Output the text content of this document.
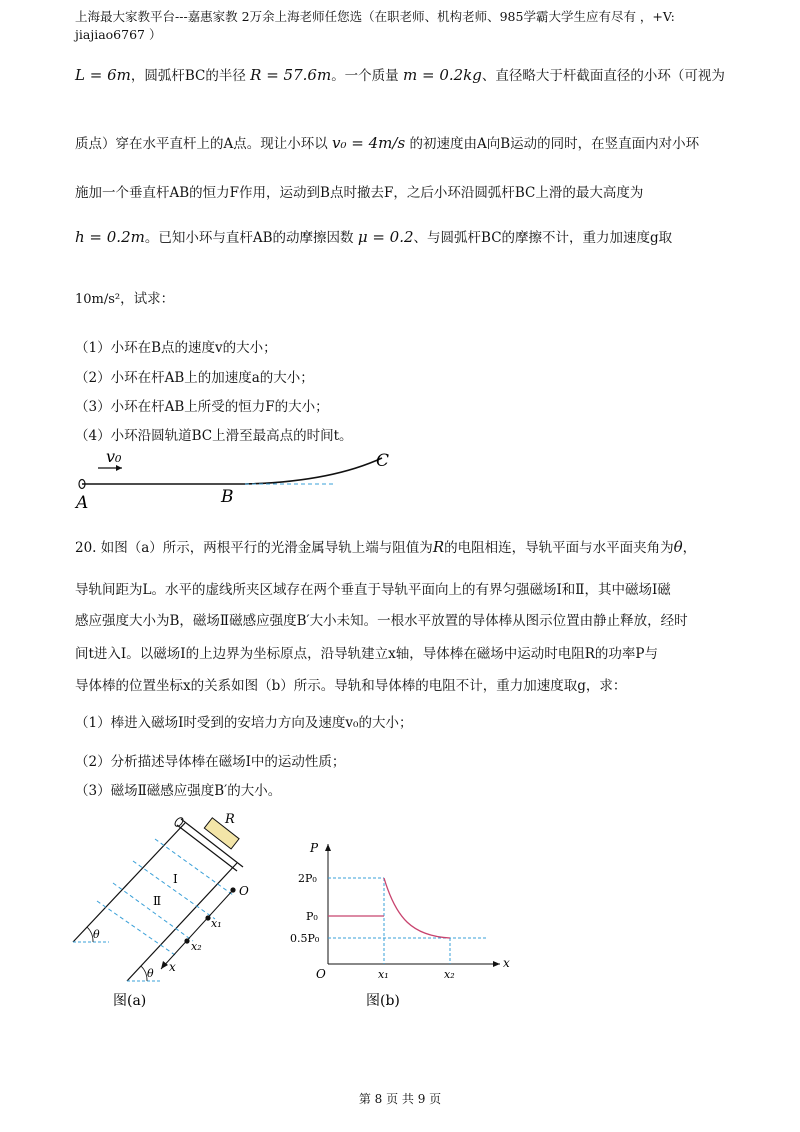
上海最大家教平台---嘉惠家教 2万余上海老师任您选（在职老师、机构老师、985学霸大学生应有尽有 ，+V:
jiajiao6767 ）
L = 6m，圆弧杆BC的半径 R = 57.6m。一个质量 m = 0.2kg、直径略大于杆截面直径的小环（可视为
质点）穿在水平直杆上的A点。现让小环以 v₀ = 4m/s 的初速度由A向B运动的同时，在竖直面内对小环
施加一个垂直杆AB的恒力F作用，运动到B点时撤去F，之后小环沿圆弧杆BC上滑的最大高度为
h = 0.2m。已知小环与直杆AB的动摩擦因数 μ = 0.2、与圆弧杆BC的摩擦不计，重力加速度g取
10m/s²，试求：
（1）小环在B点的速度v的大小；
（2）小环在杆AB上的加速度a的大小；
（3）小环在杆AB上所受的恒力F的大小；
（4）小环沿圆轨道BC上滑至最高点的时间t。
v₀
A	B
C
20. 如图（a）所示，两根平行的光滑金属导轨上端与阻值为R的电阻相连，导轨平面与水平面夹角为θ，
导轨间距为L。水平的虚线所夹区域存在两个垂直于导轨平面向上的有界匀强磁场Ⅰ和Ⅱ，其中磁场Ⅰ磁
感应强度大小为B，磁场Ⅱ磁感应强度B′大小未知。一根水平放置的导体棒从图示位置由静止释放，经时
间t进入Ⅰ。以磁场Ⅰ的上边界为坐标原点，沿导轨建立x轴，导体棒在磁场中运动时电阻R的功率P与
导体棒的位置坐标x的关系如图（b）所示。导轨和导体棒的电阻不计，重力加速度取g，求：
（1）棒进入磁场Ⅰ时受到的安培力方向及速度v₀的大小；
（2）分析描述导体棒在磁场Ⅰ中的运动性质；
（3）磁场Ⅱ磁感应强度B′的大小。
R
Ⅰ
Ⅱ
O
x₁
x₂
x
θ
θ
图(a)
P
x
O
2P₀
P₀
0.5P₀
x₁	x₂
图(b)
第 8 页 共 9 页
